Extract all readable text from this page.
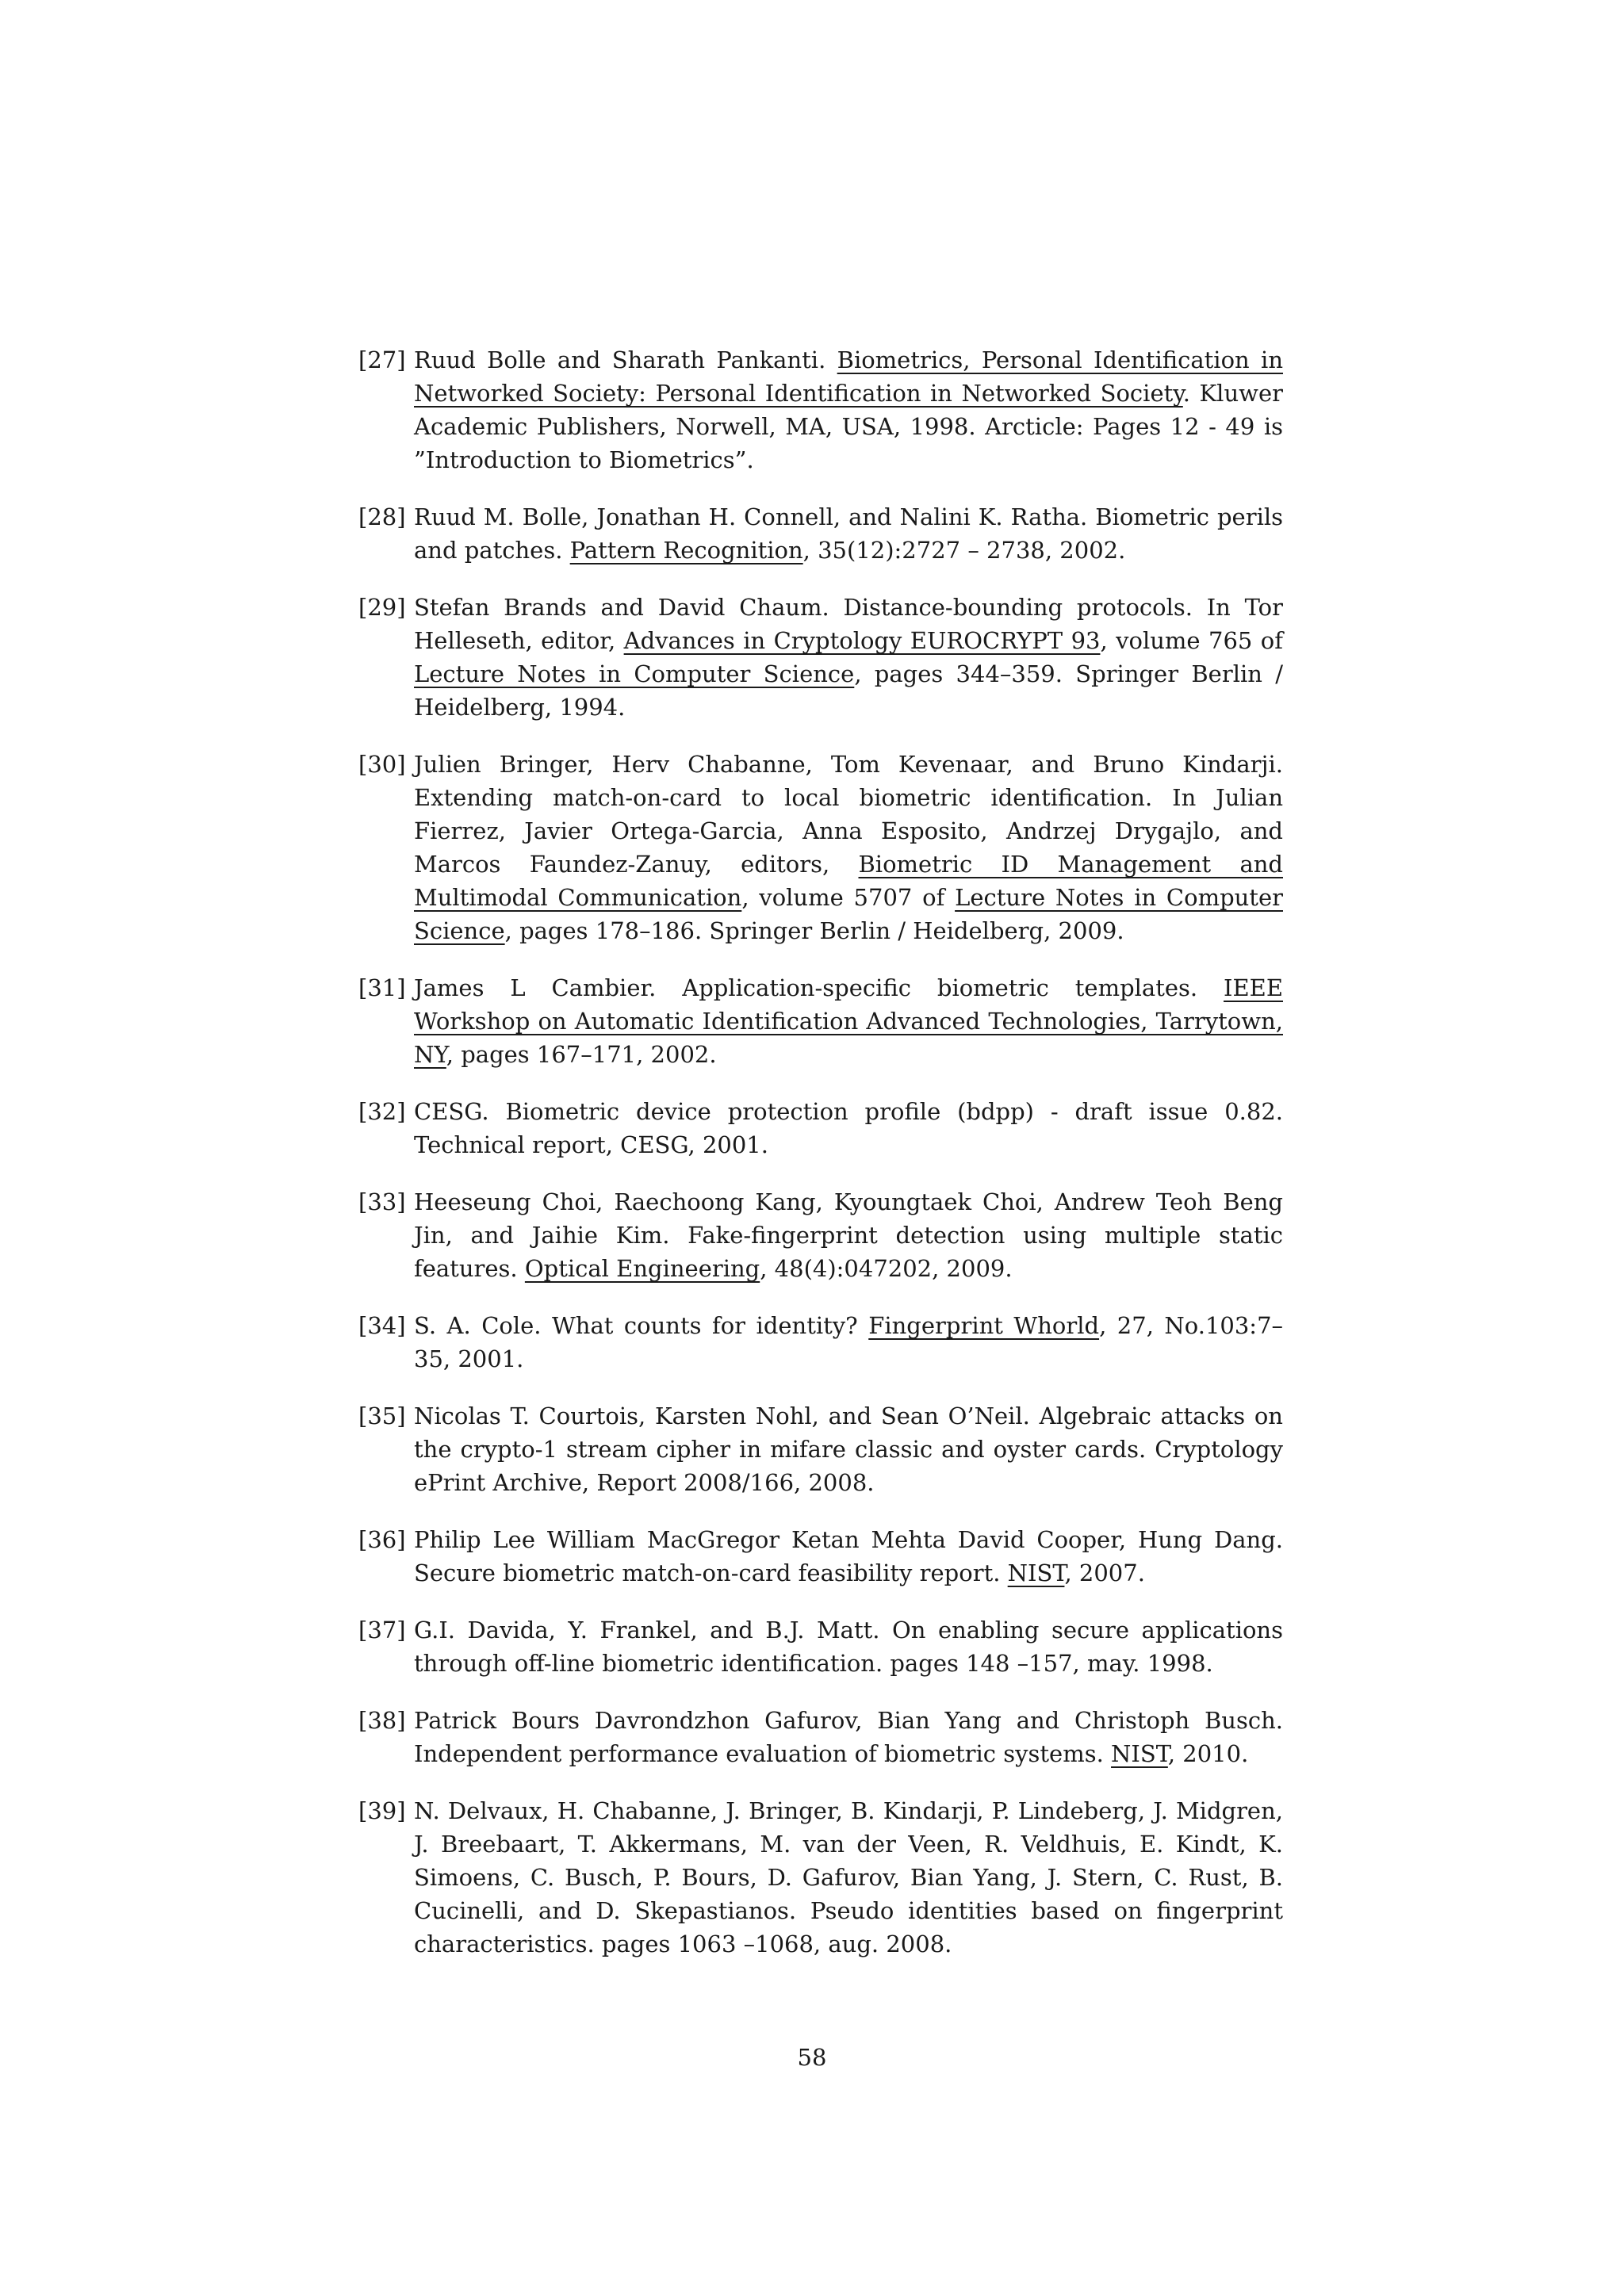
[27] Ruud Bolle and Sharath Pankanti. Biometrics, Personal Identification in Networked Society: Personal Identification in Networked Society. Kluwer Academic Publishers, Norwell, MA, USA, 1998. Arcticle: Pages 12 - 49 is ”Introduction to Biometrics”.
[28] Ruud M. Bolle, Jonathan H. Connell, and Nalini K. Ratha. Biometric perils and patches. Pattern Recognition, 35(12):2727 – 2738, 2002.
[29] Stefan Brands and David Chaum. Distance-bounding protocols. In Tor Helleseth, editor, Advances in Cryptology EUROCRYPT 93, volume 765 of Lecture Notes in Computer Science, pages 344–359. Springer Berlin / Heidelberg, 1994.
[30] Julien Bringer, Herv Chabanne, Tom Kevenaar, and Bruno Kindarji. Extending match-on-card to local biometric identification. In Julian Fierrez, Javier Ortega-Garcia, Anna Esposito, Andrzej Drygajlo, and Marcos Faundez-Zanuy, editors, Biometric ID Management and Multimodal Communication, volume 5707 of Lecture Notes in Computer Science, pages 178–186. Springer Berlin / Heidelberg, 2009.
[31] James L Cambier. Application-specific biometric templates. IEEE Workshop on Automatic Identification Advanced Technologies, Tarrytown, NY, pages 167–171, 2002.
[32] CESG. Biometric device protection profile (bdpp) - draft issue 0.82. Technical report, CESG, 2001.
[33] Heeseung Choi, Raechoong Kang, Kyoungtaek Choi, Andrew Teoh Beng Jin, and Jaihie Kim. Fake-fingerprint detection using multiple static features. Optical Engineering, 48(4):047202, 2009.
[34] S. A. Cole. What counts for identity? Fingerprint Whorld, 27, No.103:7–35, 2001.
[35] Nicolas T. Courtois, Karsten Nohl, and Sean O’Neil. Algebraic attacks on the crypto-1 stream cipher in mifare classic and oyster cards. Cryptology ePrint Archive, Report 2008/166, 2008.
[36] Philip Lee William MacGregor Ketan Mehta David Cooper, Hung Dang. Secure biometric match-on-card feasibility report. NIST, 2007.
[37] G.I. Davida, Y. Frankel, and B.J. Matt. On enabling secure applications through off-line biometric identification. pages 148 –157, may. 1998.
[38] Patrick Bours Davrondzhon Gafurov, Bian Yang and Christoph Busch. Independent performance evaluation of biometric systems. NIST, 2010.
[39] N. Delvaux, H. Chabanne, J. Bringer, B. Kindarji, P. Lindeberg, J. Midgren, J. Breebaart, T. Akkermans, M. van der Veen, R. Veldhuis, E. Kindt, K. Simoens, C. Busch, P. Bours, D. Gafurov, Bian Yang, J. Stern, C. Rust, B. Cucinelli, and D. Skepastianos. Pseudo identities based on fingerprint characteristics. pages 1063 –1068, aug. 2008.
58
